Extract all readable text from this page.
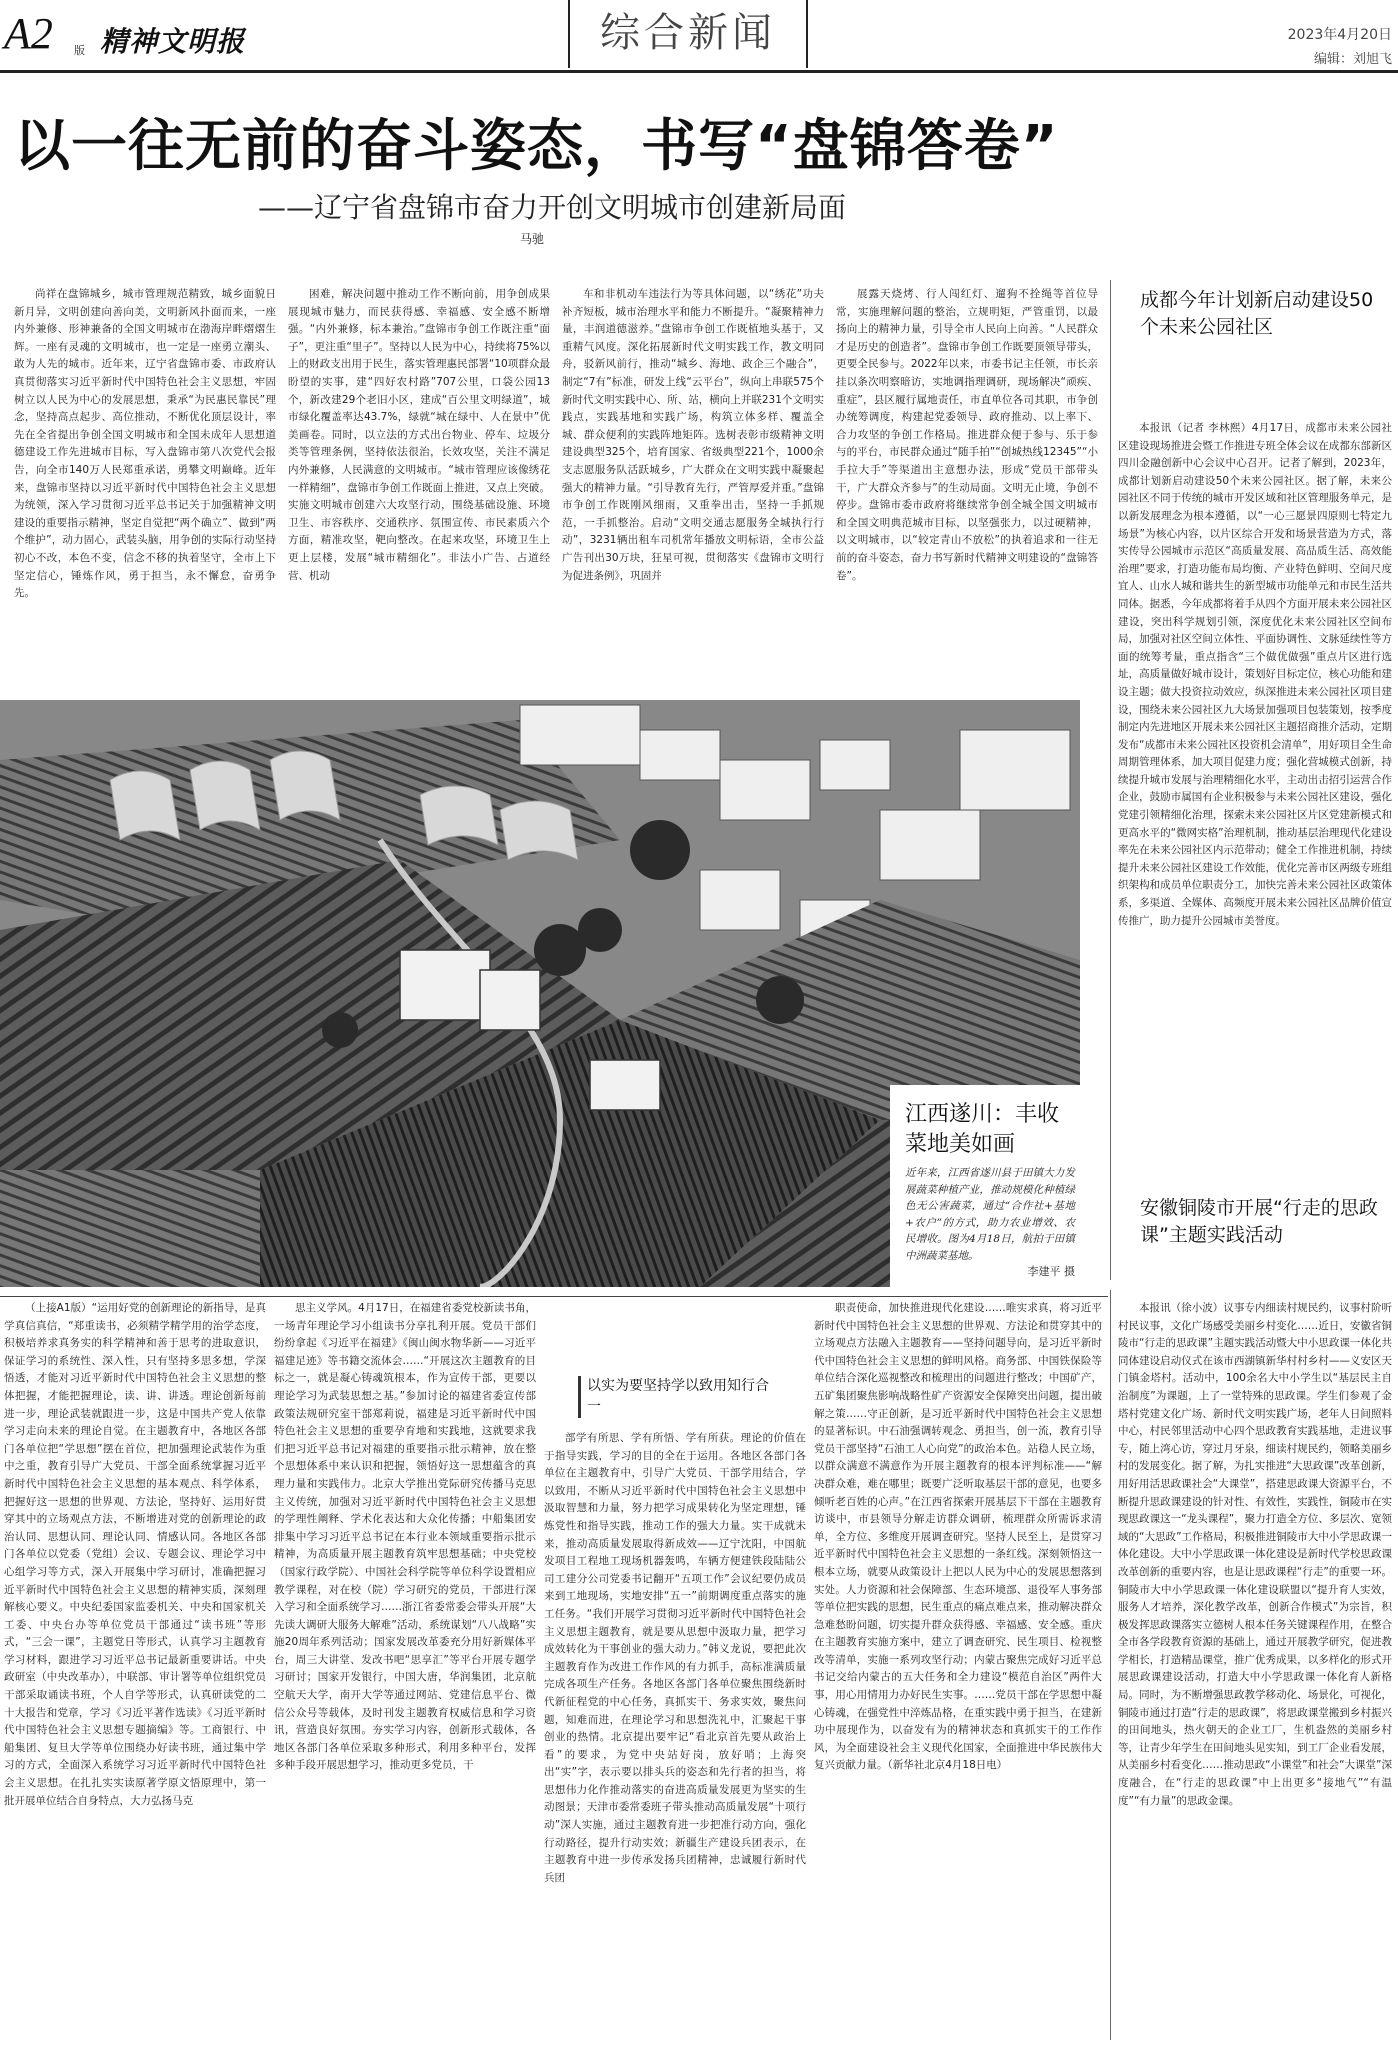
A2 版 精神文明报	综合新闻	2023年4月20日
编辑：刘旭飞
以一往无前的奋斗姿态，书写“盘锦答卷”
——辽宁省盘锦市奋力开创文明城市创建新局面
马驰

尚祥在盘锦城乡，城市管理规范精致，城乡面貌日新月异，文明创建向善向美，文明新风扑面而来，一座内外兼修、形神兼备的全国文明城市在渤海岸畔熠熠生辉。一座有灵魂的文明城市，也一定是一座勇立潮头、敢为人先的城市。近年来，辽宁省盘锦市委、市政府认真贯彻落实习近平新时代中国特色社会主义思想，牢固树立以人民为中心的发展思想，秉承“为民惠民靠民”理念，坚持高点起步、高位推动，不断优化顶层设计，率先在全省提出争创全国文明城市和全国未成年人思想道德建设工作先进城市目标，写入盘锦市第八次党代会报告，向全市140万人民郑重承诺，勇攀文明巅峰。近年来，盘锦市坚持以习近平新时代中国特色社会主义思想为统领，深入学习贯彻习近平总书记关于加强精神文明建设的重要指示精神，坚定自觉把“两个确立”、做到“两个维护”，动力固心，武装头脑，用争创的实际行动坚持初心不改，本色不变，信念不移的执着坚守，全市上下坚定信心，锤炼作风，勇于担当，永不懈怠，奋勇争先。

困难，解决问题中推动工作不断向前，用争创成果展现城市魅力，而民获得感、幸福感、安全感不断增强。“内外兼修，标本兼治。”盘锦市争创工作既注重“面子”，更注重“里子”。坚持以人民为中心，持续将75%以上的财政支出用于民生，落实管理惠民部署“10项群众最盼望的实事，建“四好农村路”707公里，口袋公园13个，新改建29个老旧小区，建成“百公里文明绿道”，城市绿化覆盖率达43.7%，绿就“城在绿中、人在景中”优美画卷。同时，以立法的方式出台物业、停车、垃圾分类等管理条例，坚持依法很治，长效攻坚，关注不满足内外兼修，人民满意的文明城市。“城市管理应该像绣花一样精细”，盘锦市争创工作既面上推进，又点上突破。实施文明城市创建六大攻坚行动，围绕基础设施、环境卫生、市容秩序、交通秩序、氛围宣传、市民素质六个方面，精准攻坚，靶向整改。在起来攻坚，环境卫生上更上层楼，发展“城市精细化”。非法小广告、占道经营、机动

车和非机动车违法行为等具体问题，以“绣花”功夫补齐短板，城市治理水平和能力不断提升。“凝聚精神力量，丰润道德滋养。”盘锦市争创工作既植地头基于，又重精气风度。深化拓展新时代文明实践工作，教文明同舟，驳新风前行，推动“城乡、海地、政企三个融合”，制定“7有”标准，研发上线“云平台”，纵向上串联575个新时代文明实践中心、所、站，横向上并联231个文明实践点，实践基地和实践广场，构筑立体多样、覆盖全城、群众便利的实践阵地矩阵。选树表彰市级精神文明建设典型325个，培育国家、省级典型221个，1000余支志愿服务队活跃城乡，广大群众在文明实践中凝聚起强大的精神力量。“引导教育先行，严管厚爱并重。”盘锦市争创工作既刚风细雨，又重拳出击，坚持一手抓规范，一手抓整治。启动“文明交通志愿服务全城执行行动”，3231辆出租车司机常年播放文明标语，全市公益广告刊出30万块，狂星可视，贯彻落实《盘锦市文明行为促进条例》，巩固并

展露天烧烤、行人闯红灯、遛狗不拴绳等首位导常，实施理解问题的整治，立规明矩，严管重罚，以最扬向上的精神力量，引导全市人民向上向善。“人民群众才是历史的创造者”。盘锦市争创工作既要顶领导带头，更要全民参与。2022年以来，市委书记主任领，市长亲挂以条次明察暗访，实地调指理调研，现场解决“顽疾、重症”，县区履行属地责任，市直单位各司其职，市争创办统筹调度，构建起党委领导、政府推动、以上率下、合力攻坚的争创工作格局。推进群众便于参与、乐于参与的平台，市民群众通过“随手拍”“创城热线12345”“小手拉大手”等渠道出主意想办法，形成“党员干部带头干，广大群众齐参与”的生动局面。文明无止境，争创不停步。盘锦市委市政府将继续常争创全城全国文明城市和全国文明典范城市目标，以坚强张力，以过硬精神，以文明城市，以“较定青山不放松”的执着追求和一往无前的奋斗姿态，奋力书写新时代精神文明建设的“盘锦答卷”。

成都今年计划新启动建设50个未来公园社区

本报讯（记者 李林熙）4月17日，成都市未来公园社区建设现场推进会暨工作推进专班全体会议在成都东部新区四川金融创新中心会议中心召开。记者了解到，2023年，成都计划新启动建设50个未来公园社区。据了解，未来公园社区不同于传统的城市开发区域和社区管理服务单元，是以新发展理念为根本遵循，以“一心三愿景四原则七特定九场景”为核心内容，以片区综合开发和场景营造为方式，落实传导公园城市示范区“高质量发展、高品质生活、高效能治理”要求，打造功能布局均衡、产业特色鲜明、空间尺度宜人、山水人城和谐共生的新型城市功能单元和市民生活共同体。据悉，今年成都将着手从四个方面开展未来公园社区建设，突出科学规划引领，深度优化未来公园社区空间布局，加强对社区空间立体性、平面协调性、文脉延续性等方面的统筹考量，重点指含“三个做优做强”重点片区进行选址，高质量做好城市设计，策划好目标定位，核心功能和建设主题；做大投资拉动效应，纵深推进未来公园社区项目建设，围绕未来公园社区九大场景加强项目包装策划，按季度制定内先进地区开展未来公园社区主题招商推介活动，定期发布“成都市未来公园社区投资机会清单”，用好项目全生命周期管理体系，加大项目促建力度；强化营城模式创新，持续提升城市发展与治理精细化水平，主动出击招引运营合作企业，鼓励市属国有企业积极参与未来公园社区建设，强化党建引领精细化治理，探索未来公园社区片区党建新模式和更高水平的“微网实格”治理机制，推动基层治理现代化建设率先在未来公园社区内示范带动；健全工作推进机制，持续提升未来公园社区建设工作效能，优化完善市区两级专班组织架构和成员单位职责分工，加快完善未来公园社区政策体系，多渠道、全媒体、高频度开展未来公园社区品牌价值宣传推广，助力提升公园城市美誉度。

江西遂川：丰收菜地美如画
近年来，江西省遂川县于田镇大力发展蔬菜种植产业，推动规模化种植绿色无公害蔬菜，通过“合作社+基地+农户”的方式，助力农业增效、农民增收。图为4月18日，航拍于田镇中洲蔬菜基地。
李建平 摄
安徽铜陵市开展“行走的思政课”主题实践活动

本报讯（徐小波）议事专内细读村规民约，议事村阶听村民议事，文化广场感受美丽乡村变化……近日，安徽省铜陵市“行走的思政课”主题实践活动暨大中小思政课一体化共同体建设启动仪式在该市西湖镇新华村村乡村——义安区天门镇金塔村。活动中，100余名大中小学生以“基层民主自治制度”为课题，上了一堂特殊的思政课。学生们参观了金塔村党建文化广场、新时代文明实践广场，老年人日间照料中心，村民邻里活动中心四个思政教育实践基地，走进议事专，随上湾心访，穿过月牙泉，细读村规民约，领略美丽乡村的发展变化。据了解，为扎实推进“大思政课”改革创新，用好用活思政课社会“大课堂”，搭建思政课大资源平台，不断提升思政课建设的针对性、有效性，实践性，铜陵市在实现思政课这一“龙头课程”，聚力打造全方位、多层次、宽领域的“大思政”工作格局，积极推进铜陵市大中小学思政课一体化建设。大中小学思政课一体化建设是新时代学校思政课改革创新的重要内容，也是让思政课程“行走”的重要一环。铜陵市大中小学思政课一体化建设联盟以“提升育人实效，服务人才培养，深化教学改革，创新合作模式”为宗旨，积极发挥思政课落实立德树人根本任务关键课程作用，在整合全市各学段教育资源的基础上，通过开展教学研究，促进教学相长，打造精品课堂，推广优秀成果，以多样化的形式开展思政课建设活动，打造大中小学思政课一体化育人新格局。同时，为不断增强思政教学移动化、场景化，可视化，铜陵市通过打造“行走的思政课”，将思政课堂搬到乡村振兴的田间地头，热火朝天的企业工厂，生机盎然的美丽乡村等，让青少年学生在田间地头见实知，到工厂企业看发展，从美丽乡村看变化……推动思政“小课堂”和社会“大课堂”深度融合，在“行走的思政课”中上出更多“接地气”“有温度”“有力量”的思政金课。

（上接A1版）“运用好党的创新理论的新指导，是真学真信真信，“郑重读书，必须精学精学用的治学态度，积极培养求真务实的科学精神和善于思考的进取意识，保证学习的系统性、深入性，只有坚持多思多想，学深悟透，才能对习近平新时代中国特色社会主义思想的整体把握，才能把握理论，读、讲、讲透。理论创新每前进一步，理论武装就跟进一步，这是中国共产党人依靠学习走向未来的理论自觉。在主题教育中，各地区各部门各单位把“学思想”摆在首位，把加强理论武装作为重中之重，教育引导广大党员、干部全面系统掌握习近平新时代中国特色社会主义思想的基本观点、科学体系，把握好这一思想的世界观、方法论，坚持好、运用好贯穿其中的立场观点方法，不断增进对党的创新理论的政治认同、思想认同、理论认同、情感认同。各地区各部门各单位以党委（党组）会议、专题会议、理论学习中心组学习等方式，深入开展集中学习研讨，准确把握习近平新时代中国特色社会主义思想的精神实质，深刻理解核心要义。中央纪委国家监委机关、中央和国家机关工委、中央台办等单位党员干部通过“读书班”等形式，“三会一课”，主题党日等形式，认真学习主题教育学习材料，跟进学习习近平总书记最新重要讲话。中央政研室（中央改革办），中联部、审计署等单位组织党员干部采取诵读书班，个人自学等形式，认真研读党的二十大报告和党章，学习《习近平著作选读》《习近平新时代中国特色社会主义思想专题摘编》等。工商银行、中船集团、复旦大学等单位围绕办好读书班，通过集中学习的方式，全面深入系统学习习近平新时代中国特色社会主义思想。在扎扎实实读原著学原文悟原理中，第一批开展单位结合自身特点，大力弘扬马克

思主义学风。4月17日，在福建省委党校新读书角，一场青年理论学习小组读书分享扎利开展。党员干部们纷纷拿起《习近平在福建》《闽山闽水物华新——习近平福建足迹》等书籍交流体会……“开展这次主题教育的目标之一，就是凝心铸魂筑根本，作为宣传干部，更要以理论学习为武装思想之基。”参加讨论的福建省委宣传部政策法规研究室干部郑莉说，福建是习近平新时代中国特色社会主义思想的重要孕育地和实践地，这就要求我们把习近平总书记对福建的重要指示批示精神，放在整个思想体系中来认识和把握，领悟好这一思想蕴含的真理力量和实践伟力。北京大学推出党际研究传播马克思主义传统，加强对习近平新时代中国特色社会主义思想的学理性阐释、学术化表达和大众化传播；中船集团安排集中学习习近平总书记在本行业本领域重要指示批示精神，为高质量开展主题教育筑牢思想基础；中央党校（国家行政学院）、中国社会科学院等单位科学设置相应教学课程，对在校（院）学习研究的党员，干部进行深入学习和全面系统学习……浙江省委常委会带头开展“大先读大调研大服务大解难”活动，系统谋划“八八战略”实施20周年系列活动；国家发展改革委充分用好新媒体平台，周三大讲堂、发改书吧“思享汇”等平台开展专题学习研讨；国家开发银行，中国大唐，华润集团，北京航空航天大学，南开大学等通过网站、党建信息平台、微信公众号等载体，及时刊发主题教育权威信息和学习资讯，营造良好氛围。夯实学习内容，创新形式载体，各地区各部门各单位采取多种形式，利用多种平台，发挥多种手段开展思想学习，推动更多党员，干

以实为要坚持学以致用知行合一

部学有所思、学有所悟、学有所获。理论的价值在于指导实践，学习的目的全在于运用。各地区各部门各单位在主题教育中，引导广大党员、干部学用结合，学以致用，不断从习近平新时代中国特色社会主义思想中汲取智慧和力量，努力把学习成果转化为坚定理想，锤炼党性和指导实践，推动工作的强大力量。实干成就未来，推动高质量发展取得新成效——辽宁沈阳，中国航发项目工程地工现场机器轰鸣，车辆方便建铁段陆陆公司工建分公司党委书记翻开“五项工作”会议纪要仍成员来到工地现场，实地安排“五一”前期调度重点落实的施工任务。“我们开展学习贯彻习近平新时代中国特色社会主义思想主题教育，就是要从思想中汲取力量，把学习成效转化为干事创业的强大动力。”韩义龙说，要把此次主题教育作为改进工作作风的有力抓手，高标准满质量完成各项生产任务。各地区各部门各单位聚焦围绕新时代新征程党的中心任务，真抓实干、务求实效，聚焦问题，知难而进，在理论学习和思想洗礼中，汇聚起干事创业的热情。北京提出要牢记“看北京首先要从政治上看”的要求，为党中央站好岗，放好哨；上海突出“实”字，表示要以排头兵的姿态和先行者的担当，将思想伟力化作推动落实的奋进高质量发展更为坚实的生动图景；天津市委常委班子带头推动高质量发展“十项行动”深人实施，通过主题教育进一步把准行动方向，强化行动路径，提升行动实效；新疆生产建设兵团表示，在主题教育中进一步传承发扬兵团精神，忠诚履行新时代兵团

职责使命，加快推进现代化建设……唯实求真，将习近平新时代中国特色社会主义思想的世界观、方法论和贯穿其中的立场观点方法融入主题教育——坚持问题导向，是习近平新时代中国特色社会主义思想的鲜明风格。商务部、中国铁保险等单位结合深化巡视整改和梳理出的问题进行整改；中国矿产，五矿集团聚焦影响战略性矿产资源安全保障突出问题，提出破解之策……守正创新，是习近平新时代中国特色社会主义思想的显著标识。中石油强调转观念、勇担当，创一流，教育引导党员干部坚持“石油工人心向党”的政治本色。站稳人民立场，以群众满意不满意作为开展主题教育的根本评判标准——“解决群众难，难在哪里；既要广泛听取基层干部的意见，也要多倾听老百姓的心声。”在江西省探索开展基层下干部在主题教育访谈中，市县领导分解走访群众调研，梳理群众所需诉求清单，全方位、多维度开展调查研究。坚持人民至上，是贯穿习近平新时代中国特色社会主义思想的一条红线。深刻领悟这一根本立场，就要从政策设计上把以人民为中心的发展思想落到实处。人力资源和社会保障部、生态环境部、退役军人事务部等单位把实践的思想，民生重点的痛点难点来，推动解决群众急难愁盼问题，切实提升群众获得感、幸福感、安全感。重庆在主题教育实施方案中，建立了调查研究、民生项目、检视整改等清单，实施一系列攻坚行动；内蒙古聚焦完成好习近平总书记交给内蒙古的五大任务和全力建设“模范自治区”两件大事，用心用情用力办好民生实事。……党员干部在学思想中凝心铸魂，在强党性中淬炼品格，在重实践中勇于担当，在建新功中展现作为，以奋发有为的精神状态和真抓实干的工作作风，为全面建设社会主义现代化国家，全面推进中华民族伟大复兴贡献力量。（新华社北京4月18日电）
